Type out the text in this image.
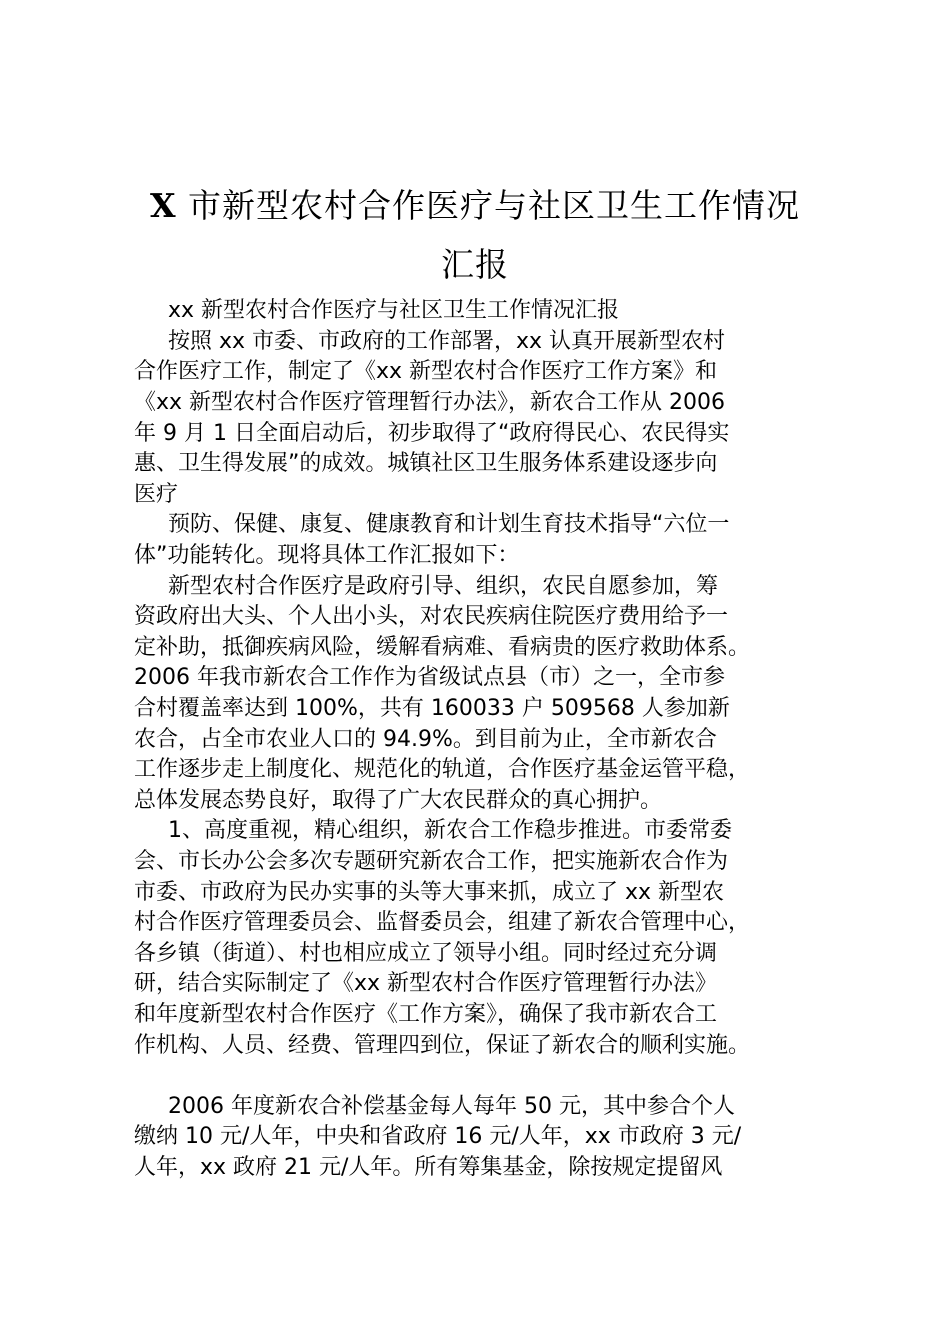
X 市新型农村合作医疗与社区卫生工作情况
汇报
xx 新型农村合作医疗与社区卫生工作情况汇报
按照 xx 市委、市政府的工作部署，xx 认真开展新型农村
合作医疗工作，制定了《xx 新型农村合作医疗工作方案》和
《xx 新型农村合作医疗管理暂行办法》，新农合工作从 2006
年 9 月 1 日全面启动后，初步取得了“政府得民心、农民得实
惠、卫生得发展”的成效。城镇社区卫生服务体系建设逐步向
医疗
预防、保健、康复、健康教育和计划生育技术指导“六位一
体”功能转化。现将具体工作汇报如下：
新型农村合作医疗是政府引导、组织，农民自愿参加，筹
资政府出大头、个人出小头，对农民疾病住院医疗费用给予一
定补助，抵御疾病风险，缓解看病难、看病贵的医疗救助体系。
2006 年我市新农合工作作为省级试点县（市）之一，全市参
合村覆盖率达到 100%，共有 160033 户 509568 人参加新
农合，占全市农业人口的 94.9%。到目前为止，全市新农合
工作逐步走上制度化、规范化的轨道，合作医疗基金运管平稳，
总体发展态势良好，取得了广大农民群众的真心拥护。
1、高度重视，精心组织，新农合工作稳步推进。市委常委
会、市长办公会多次专题研究新农合工作，把实施新农合作为
市委、市政府为民办实事的头等大事来抓，成立了 xx 新型农
村合作医疗管理委员会、监督委员会，组建了新农合管理中心，
各乡镇（街道）、村也相应成立了领导小组。同时经过充分调
研，结合实际制定了《xx 新型农村合作医疗管理暂行办法》
和年度新型农村合作医疗《工作方案》，确保了我市新农合工
作机构、人员、经费、管理四到位，保证了新农合的顺利实施。
2006 年度新农合补偿基金每人每年 50 元，其中参合个人
缴纳 10 元/人年，中央和省政府 16 元/人年，xx 市政府 3 元/
人年，xx 政府 21 元/人年。所有筹集基金，除按规定提留风
